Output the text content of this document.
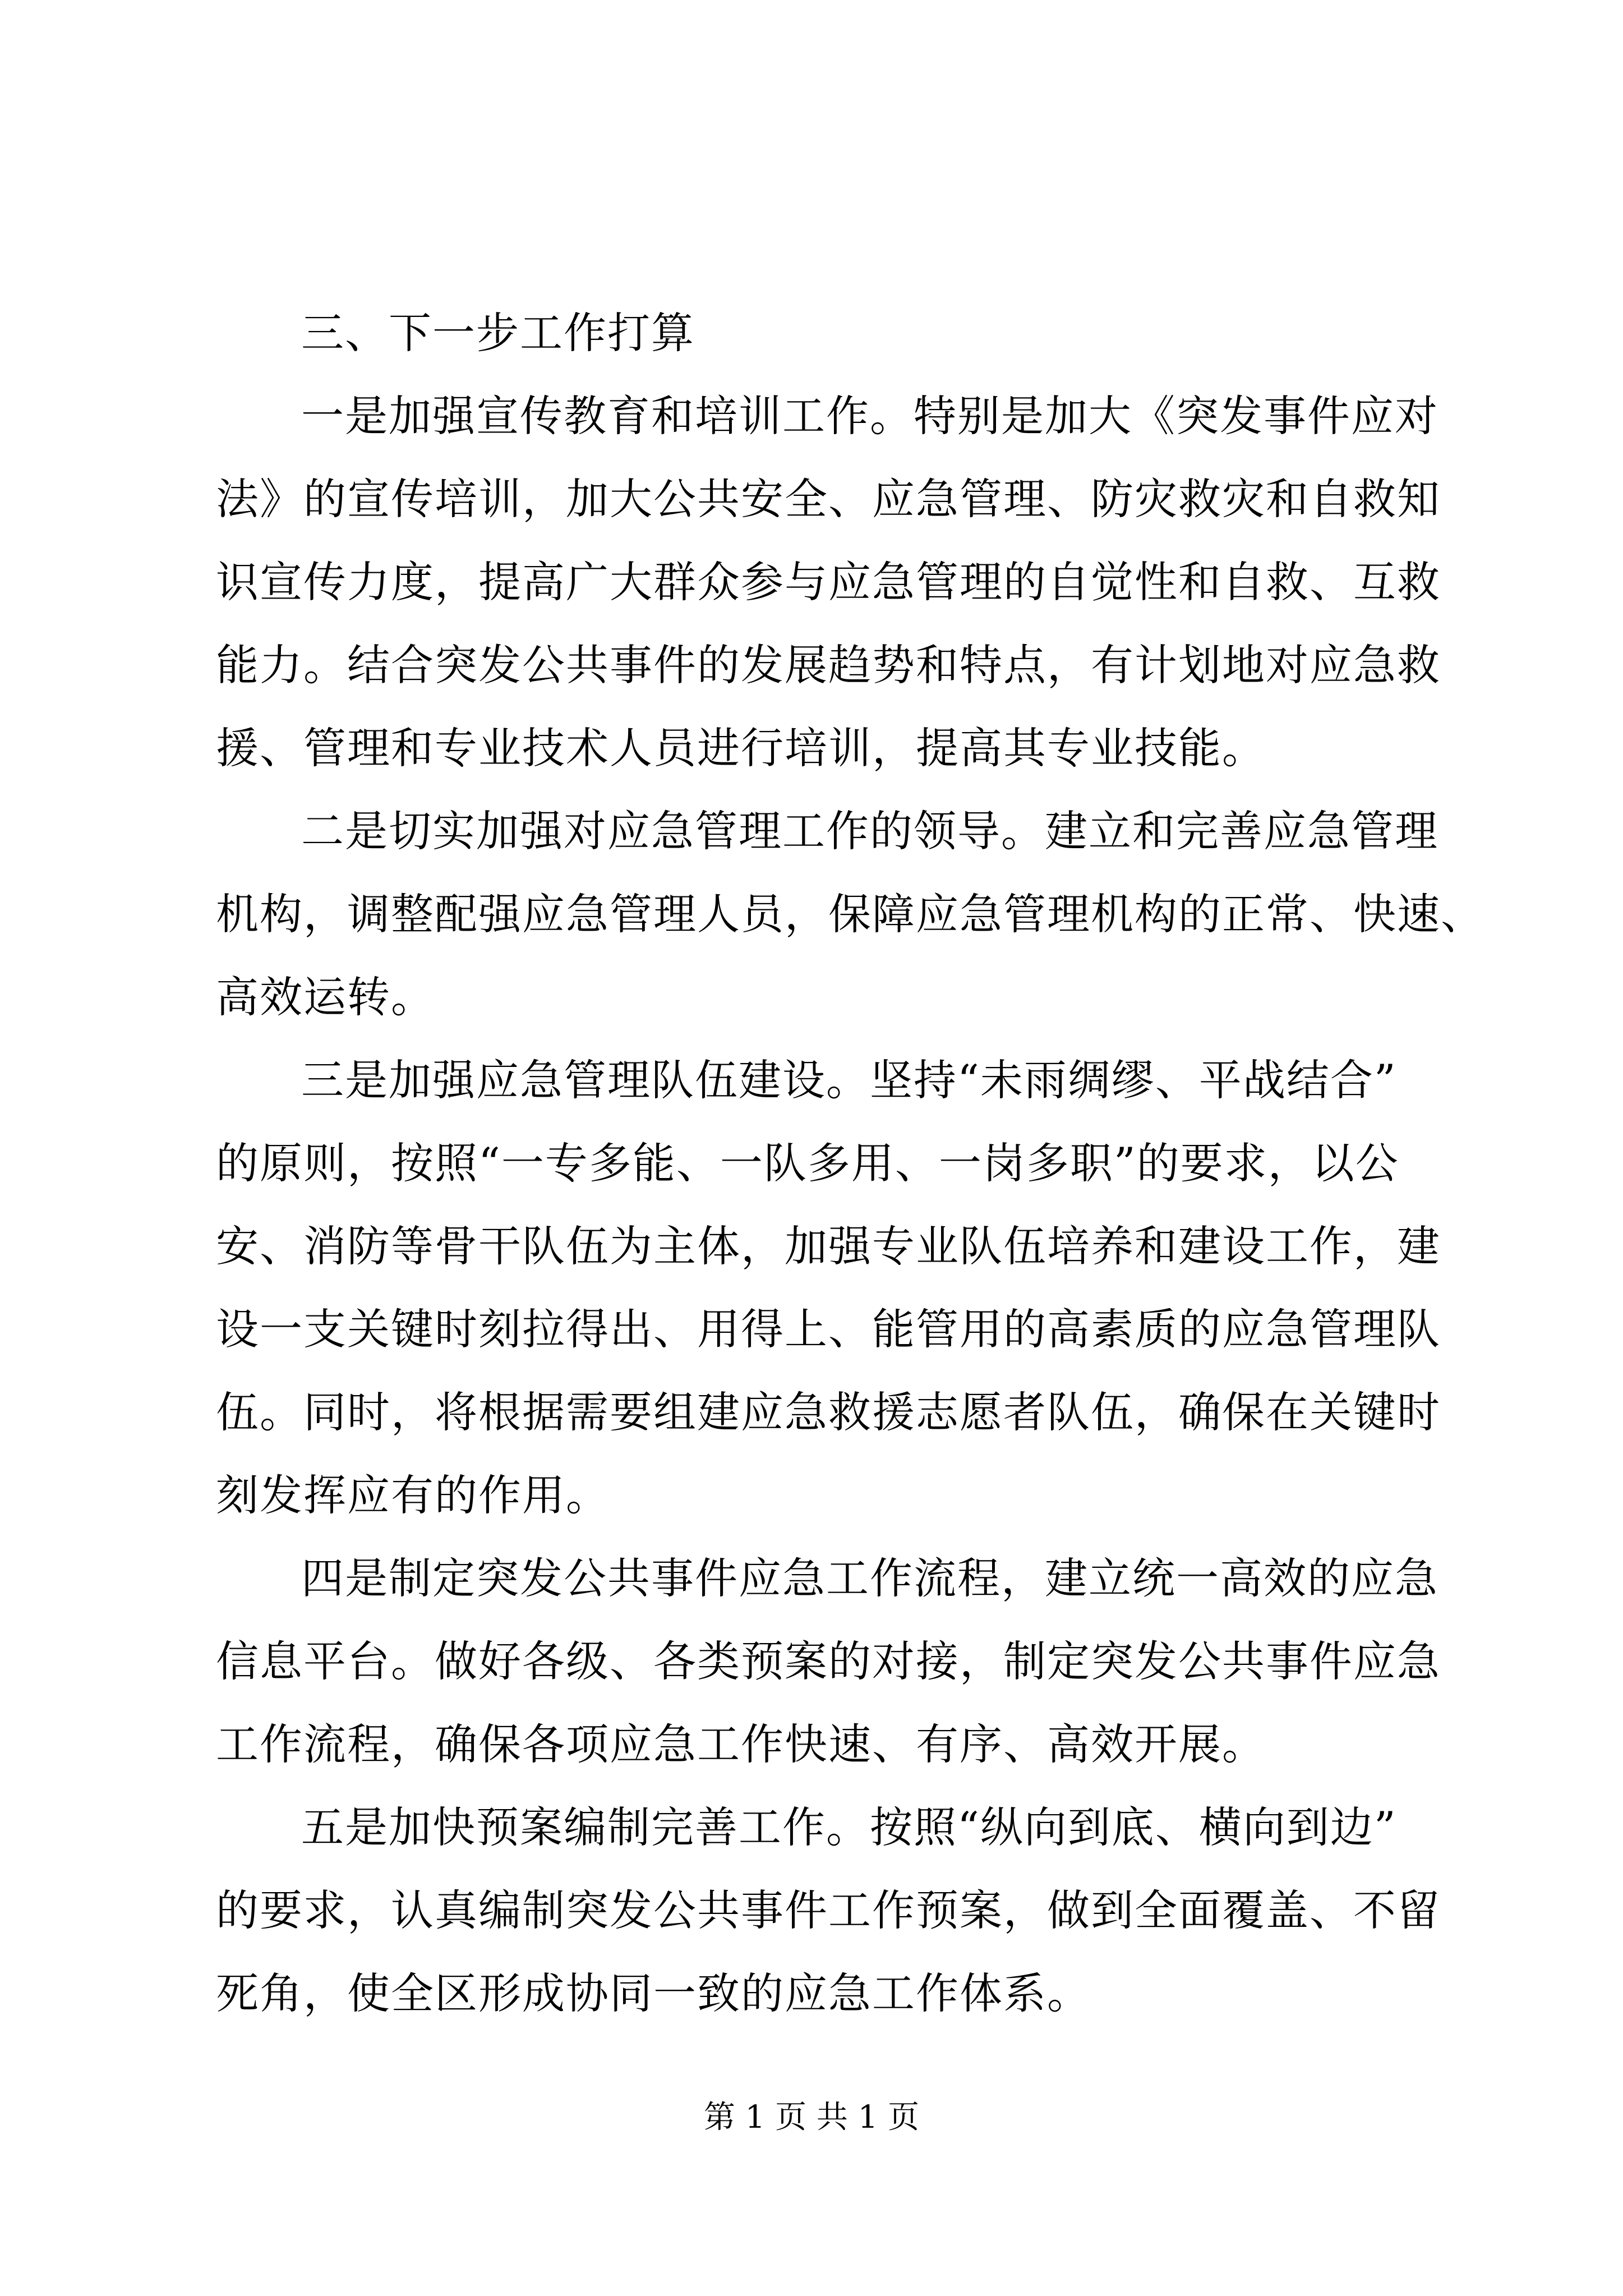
三、下一步工作打算
一是加强宣传教育和培训工作。特别是加大《突发事件应对
法》的宣传培训，加大公共安全、应急管理、防灾救灾和自救知
识宣传力度，提高广大群众参与应急管理的自觉性和自救、互救
能力。结合突发公共事件的发展趋势和特点，有计划地对应急救
援、管理和专业技术人员进行培训，提高其专业技能。
二是切实加强对应急管理工作的领导。建立和完善应急管理
机构，调整配强应急管理人员，保障应急管理机构的正常、快速、
高效运转。
三是加强应急管理队伍建设。坚持“未雨绸缪、平战结合”
的原则，按照“一专多能、一队多用、一岗多职”的要求，以公
安、消防等骨干队伍为主体，加强专业队伍培养和建设工作，建
设一支关键时刻拉得出、用得上、能管用的高素质的应急管理队
伍。同时，将根据需要组建应急救援志愿者队伍，确保在关键时
刻发挥应有的作用。
四是制定突发公共事件应急工作流程，建立统一高效的应急
信息平台。做好各级、各类预案的对接，制定突发公共事件应急
工作流程，确保各项应急工作快速、有序、高效开展。
五是加快预案编制完善工作。按照“纵向到底、横向到边”
的要求，认真编制突发公共事件工作预案，做到全面覆盖、不留
死角，使全区形成协同一致的应急工作体系。
第 1 页 共 1 页
